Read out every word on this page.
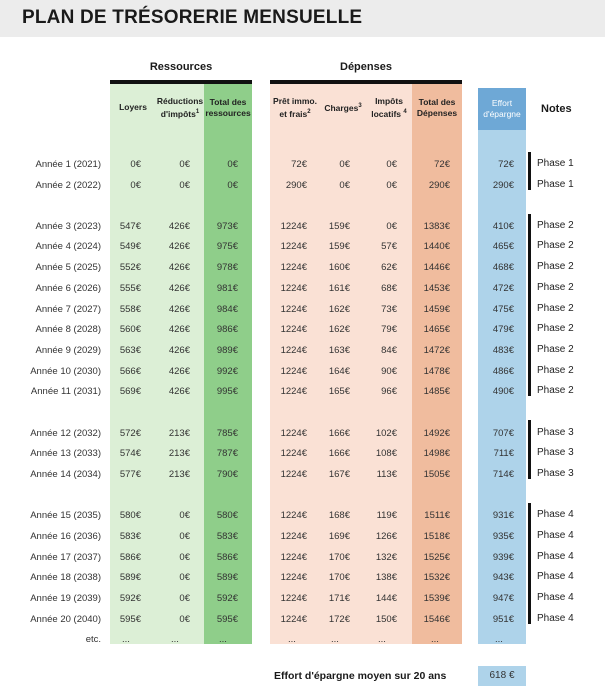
PLAN DE TRÉSORERIE MENSUELLE
Ressources	Dépenses
Loyers
Réductions d'impôts$^1$
Total des ressources
Prêt immo. et frais$^2$	Charges$^3$	Impôts locatifs $^4$
Total des Dépenses
Effort d'épargne	Notes
Année 1 (2021)	0€	0€	0€	72€	0€	0€	72€	72€ Phase 1
Année 2 (2022)	0€	0€	0€	290€	0€	0€	290€	290€ Phase 1
Année 3 (2023)	547€	426€	973€	1224€	159€	0€	1383€	410€ Phase 2
Année 4 (2024)	549€	426€	975€	1224€	159€	57€	1440€	465€ Phase 2
Année 5 (2025)	552€	426€	978€	1224€	160€	62€	1446€	468€ Phase 2
Année 6 (2026)	555€	426€	981€	1224€	161€	68€	1453€	472€ Phase 2
Année 7 (2027)	558€	426€	984€	1224€	162€	73€	1459€	475€ Phase 2
Année 8 (2028)	560€	426€	986€	1224€	162€	79€	1465€	479€ Phase 2
Année 9 (2029)	563€	426€	989€	1224€	163€	84€	1472€	483€ Phase 2
Année 10 (2030)	566€	426€	992€	1224€	164€	90€	1478€	486€ Phase 2
Année 11 (2031)	569€	426€	995€	1224€	165€	96€	1485€	490€ Phase 2
Année 12 (2032)	572€	213€	785€	1224€	166€	102€	1492€	707€ Phase 3
Année 13 (2033)	574€	213€	787€	1224€	166€	108€	1498€	711€ Phase 3
Année 14 (2034)	577€	213€	790€	1224€	167€	113€	1505€	714€ Phase 3
Année 15 (2035)	580€	0€	580€	1224€	168€	119€	1511€	931€ Phase 4
Année 16 (2036)	583€	0€	583€	1224€	169€	126€	1518€	935€ Phase 4
Année 17 (2037)	586€	0€	586€	1224€	170€	132€	1525€	939€ Phase 4
Année 18 (2038)	589€	0€	589€	1224€	170€	138€	1532€	943€ Phase 4
Année 19 (2039)	592€	0€	592€	1224€	171€	144€	1539€	947€ Phase 4
Année 20 (2040)	595€	0€	595€	1224€	172€	150€	1546€	951€ Phase 4
etc.	...	...	...	...	...	...	...	...
Effort d'épargne moyen sur 20 ans	618 €
